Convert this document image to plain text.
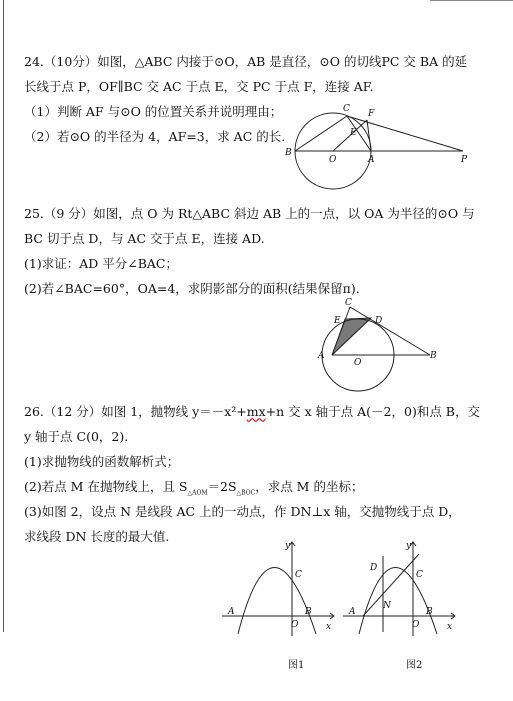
24.（10分）如图，△ABC 内接于⊙O，AB 是直径，⊙O 的切线PC 交 BA 的延
长线于点 P，OF∥BC 交 AC 于点 E，交 PC 于点 F，连接 AF.
（1）判断 AF 与⊙O 的位置关系并说明理由；
（2）若⊙O 的半径为 4，AF=3，求 AC 的长.
C F
E
B
O	A	P
25.（9 分）如图，点 O 为 Rt△ABC 斜边 AB 上的一点，以 OA 为半径的⊙O 与
BC 切于点 D，与 AC 交于点 E，连接 AD.
(1)求证：AD 平分∠BAC；
(2)若∠BAC=60°，OA=4，求阴影部分的面积(结果保留π).
C
E	D
A
O
B
26.（12 分）如图 1，抛物线 y＝－x²+mx+n 交 x 轴于点 A(－2，0)和点 B，交
y 轴于点 C(0，2).
(1)求抛物线的函数解析式；
(2)若点 M 在抛物线上，且 $S_{\triangle AOM}=2S_{\triangle BOC}$，求点 M 的坐标；
(3)如图 2，设点 N 是线段 AC 上的一动点，作 DN⊥x 轴，交抛物线于点 D，
求线段 DN 长度的最大值.
y
C
A	B
O	x
图1
y
D
C
N
A	B
O	x
图2
